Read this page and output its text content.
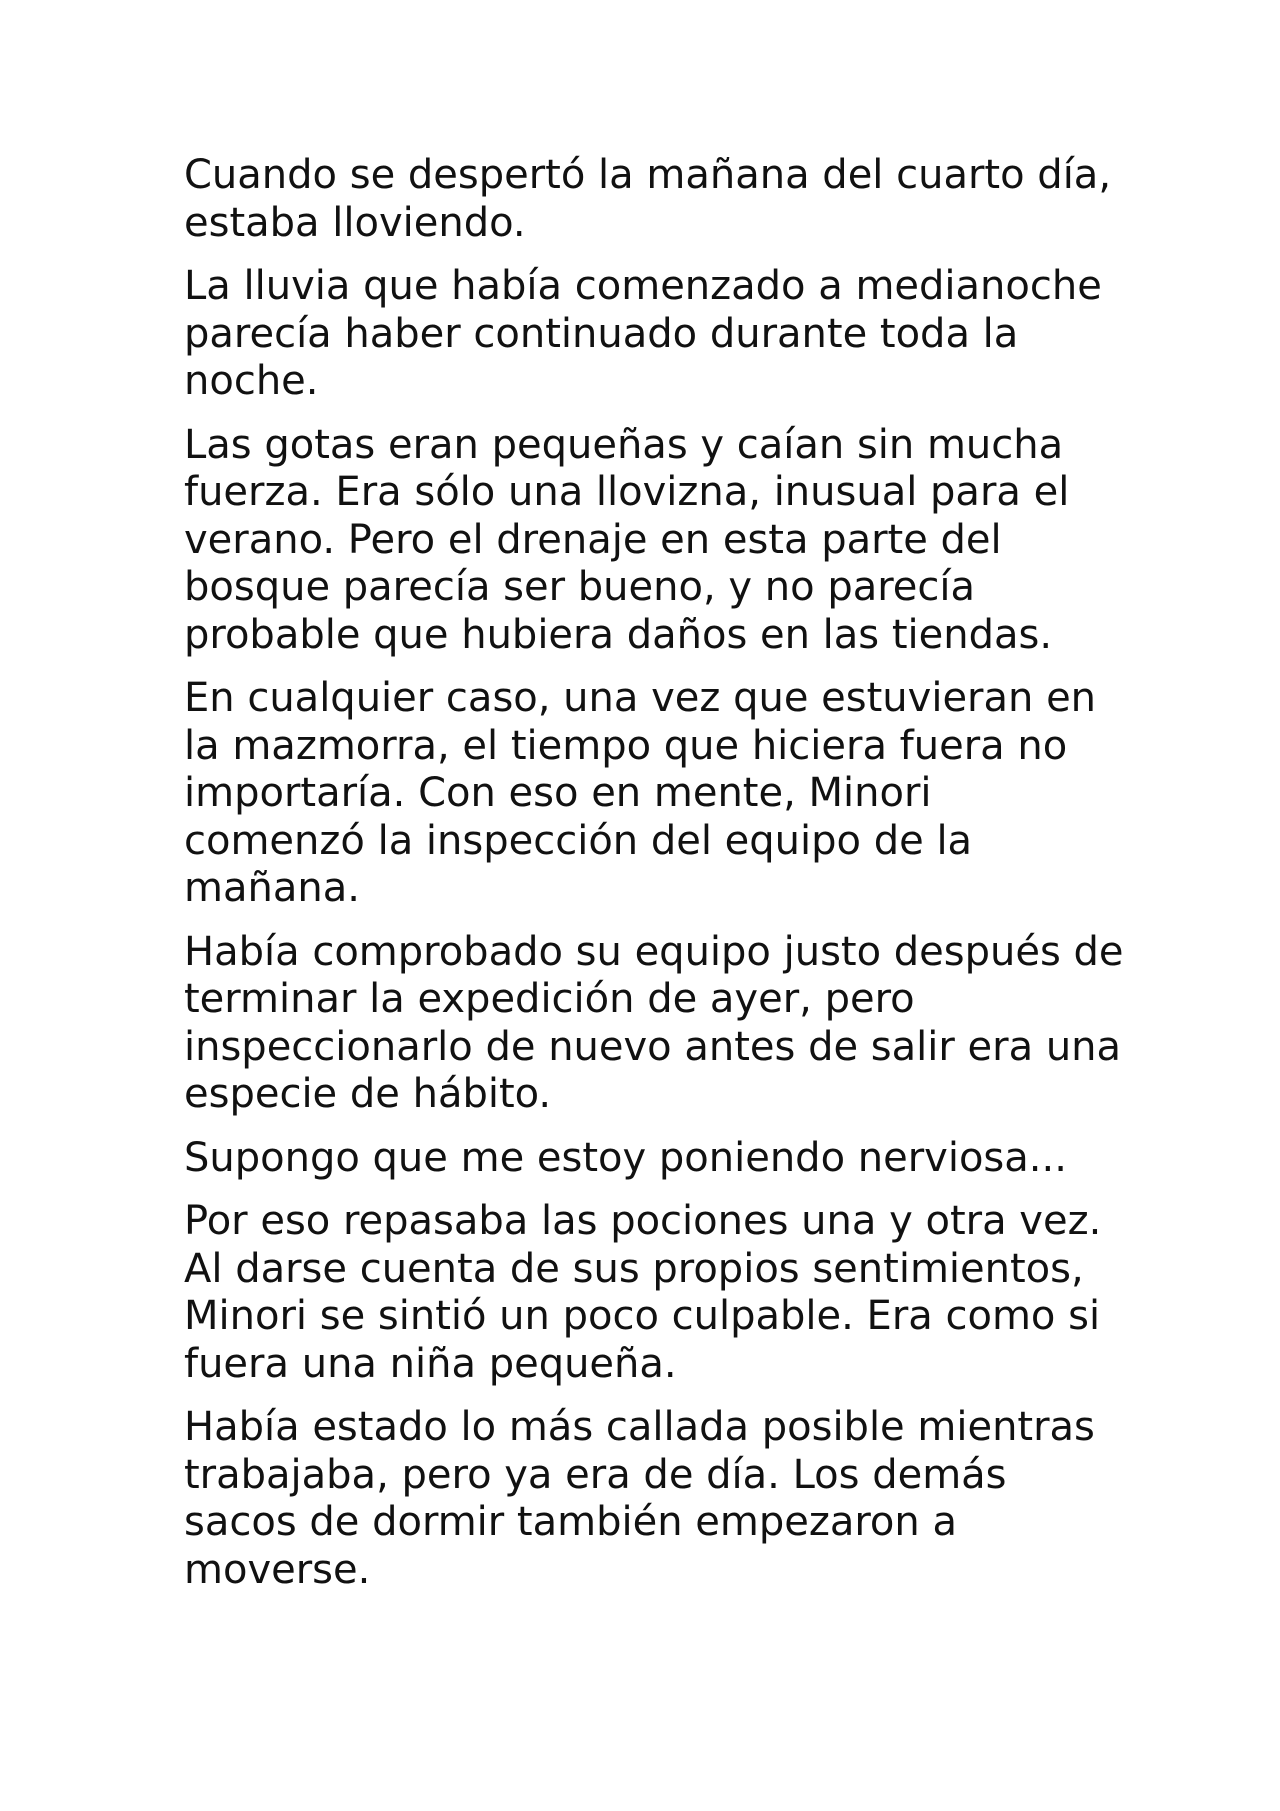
Cuando se despertó la mañana del cuarto día,
estaba lloviendo.
La lluvia que había comenzado a medianoche
parecía haber continuado durante toda la
noche.
Las gotas eran pequeñas y caían sin mucha
fuerza. Era sólo una llovizna, inusual para el
verano. Pero el drenaje en esta parte del
bosque parecía ser bueno, y no parecía
probable que hubiera daños en las tiendas.
En cualquier caso, una vez que estuvieran en
la mazmorra, el tiempo que hiciera fuera no
importaría. Con eso en mente, Minori
comenzó la inspección del equipo de la
mañana.
Había comprobado su equipo justo después de
terminar la expedición de ayer, pero
inspeccionarlo de nuevo antes de salir era una
especie de hábito.
Supongo que me estoy poniendo nerviosa...
Por eso repasaba las pociones una y otra vez.
Al darse cuenta de sus propios sentimientos,
Minori se sintió un poco culpable. Era como si
fuera una niña pequeña.
Había estado lo más callada posible mientras
trabajaba, pero ya era de día. Los demás
sacos de dormir también empezaron a
moverse.
